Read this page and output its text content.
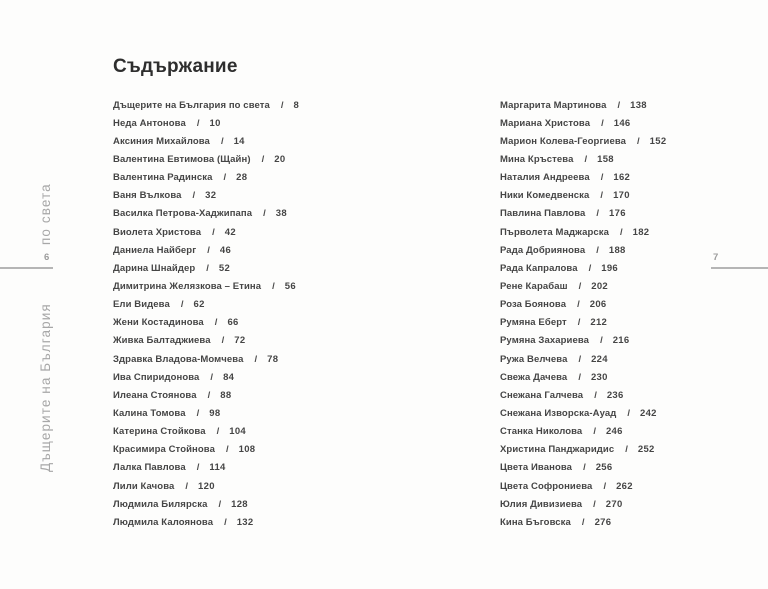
Дъщерите на България
по света
6	7
Съдържание
Дъщерите на България по света / 8
Неда Антонова / 10
Аксиния Михайлова / 14
Валентина Евтимова (Щайн) / 20
Валентина Радинска / 28
Ваня Вълкова / 32
Василка Петрова-Хаджипапа / 38
Виолета Христова / 42
Даниела Найберг / 46
Дарина Шнайдер / 52
Димитрина Желязкова – Етина / 56
Ели Видева / 62
Жени Костадинова / 66
Живка Балтаджиева / 72
Здравка Владова-Момчева / 78
Ива Спиридонова / 84
Илеана Стоянова / 88
Калина Томова / 98
Катерина Стойкова / 104
Красимира Стойнова / 108
Лалка Павлова / 114
Лили Качова / 120
Людмила Билярска / 128
Людмила Калоянова / 132
Маргарита Мартинова / 138
Мариана Христова / 146
Марион Колева-Георгиева / 152
Мина Кръстева / 158
Наталия Андреева / 162
Ники Комедвенска / 170
Павлина Павлова / 176
Първолета Маджарска / 182
Рада Добриянова / 188
Рада Капралова / 196
Рене Карабаш / 202
Роза Боянова / 206
Румяна Еберт / 212
Румяна Захариева / 216
Ружа Велчева / 224
Свежа Дачева / 230
Снежана Галчева / 236
Снежана Изворска-Ауад / 242
Станка Николова / 246
Христина Панджаридис / 252
Цвета Иванова / 256
Цвета Софрониева / 262
Юлия Дивизиева / 270
Кина Бъговска / 276
